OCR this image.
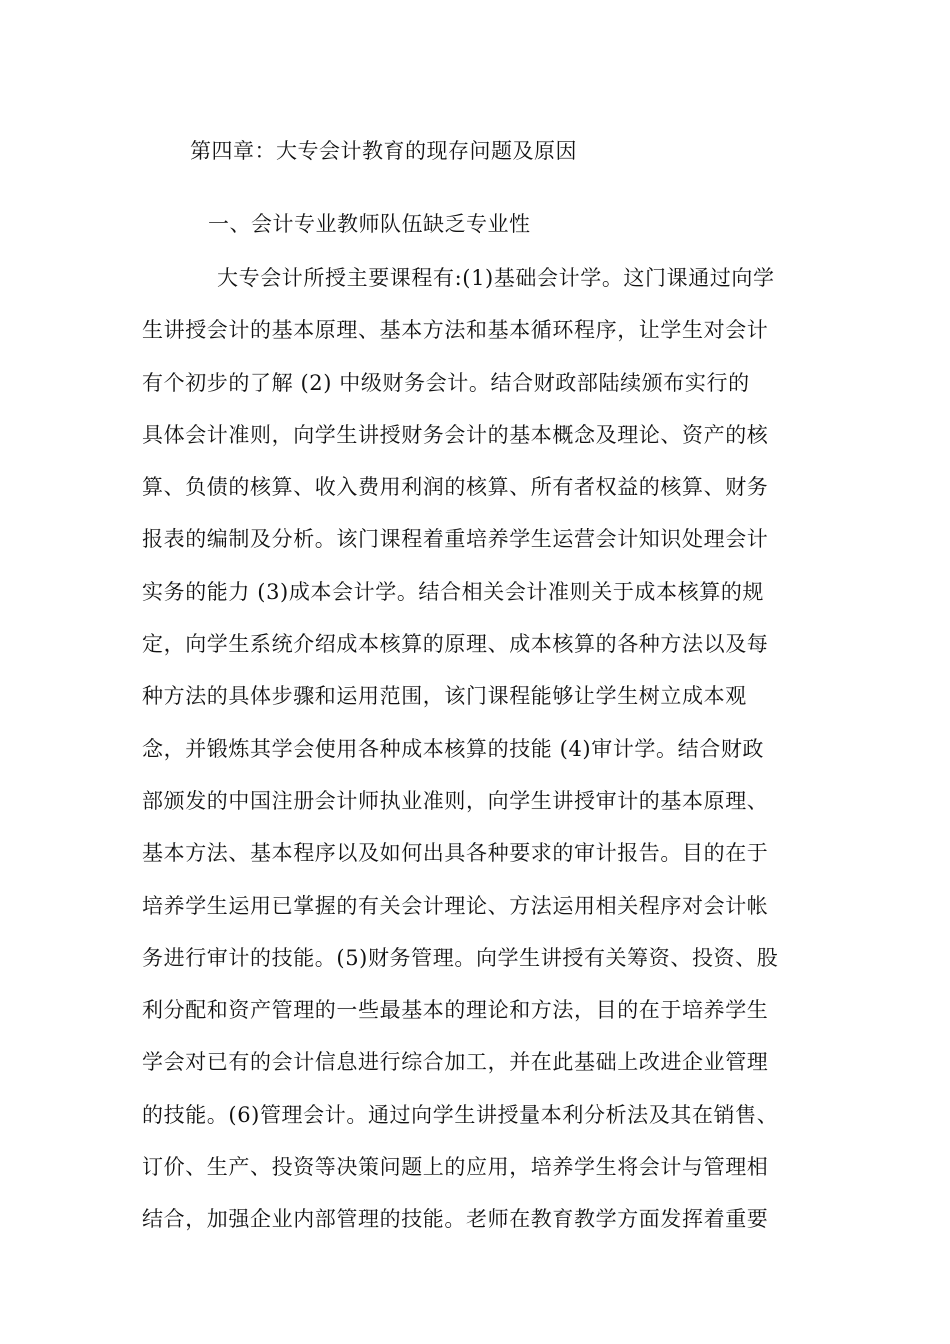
第四章：大专会计教育的现存问题及原因
一、会计专业教师队伍缺乏专业性
大专会计所授主要课程有:(1)基础会计学。这门课通过向学
生讲授会计的基本原理、基本方法和基本循环程序，让学生对会计
有个初步的了解 (2) 中级财务会计。结合财政部陆续颁布实行的
具体会计准则，向学生讲授财务会计的基本概念及理论、资产的核
算、负债的核算、收入费用利润的核算、所有者权益的核算、财务
报表的编制及分析。该门课程着重培养学生运营会计知识处理会计
实务的能力 (3)成本会计学。结合相关会计准则关于成本核算的规
定，向学生系统介绍成本核算的原理、成本核算的各种方法以及每
种方法的具体步骤和运用范围，该门课程能够让学生树立成本观
念，并锻炼其学会使用各种成本核算的技能 (4)审计学。结合财政
部颁发的中国注册会计师执业准则，向学生讲授审计的基本原理、
基本方法、基本程序以及如何出具各种要求的审计报告。目的在于
培养学生运用已掌握的有关会计理论、方法运用相关程序对会计帐
务进行审计的技能。(5)财务管理。向学生讲授有关筹资、投资、股
利分配和资产管理的一些最基本的理论和方法，目的在于培养学生
学会对已有的会计信息进行综合加工，并在此基础上改进企业管理
的技能。(6)管理会计。通过向学生讲授量本利分析法及其在销售、
订价、生产、投资等决策问题上的应用，培养学生将会计与管理相
结合，加强企业内部管理的技能。老师在教育教学方面发挥着重要
